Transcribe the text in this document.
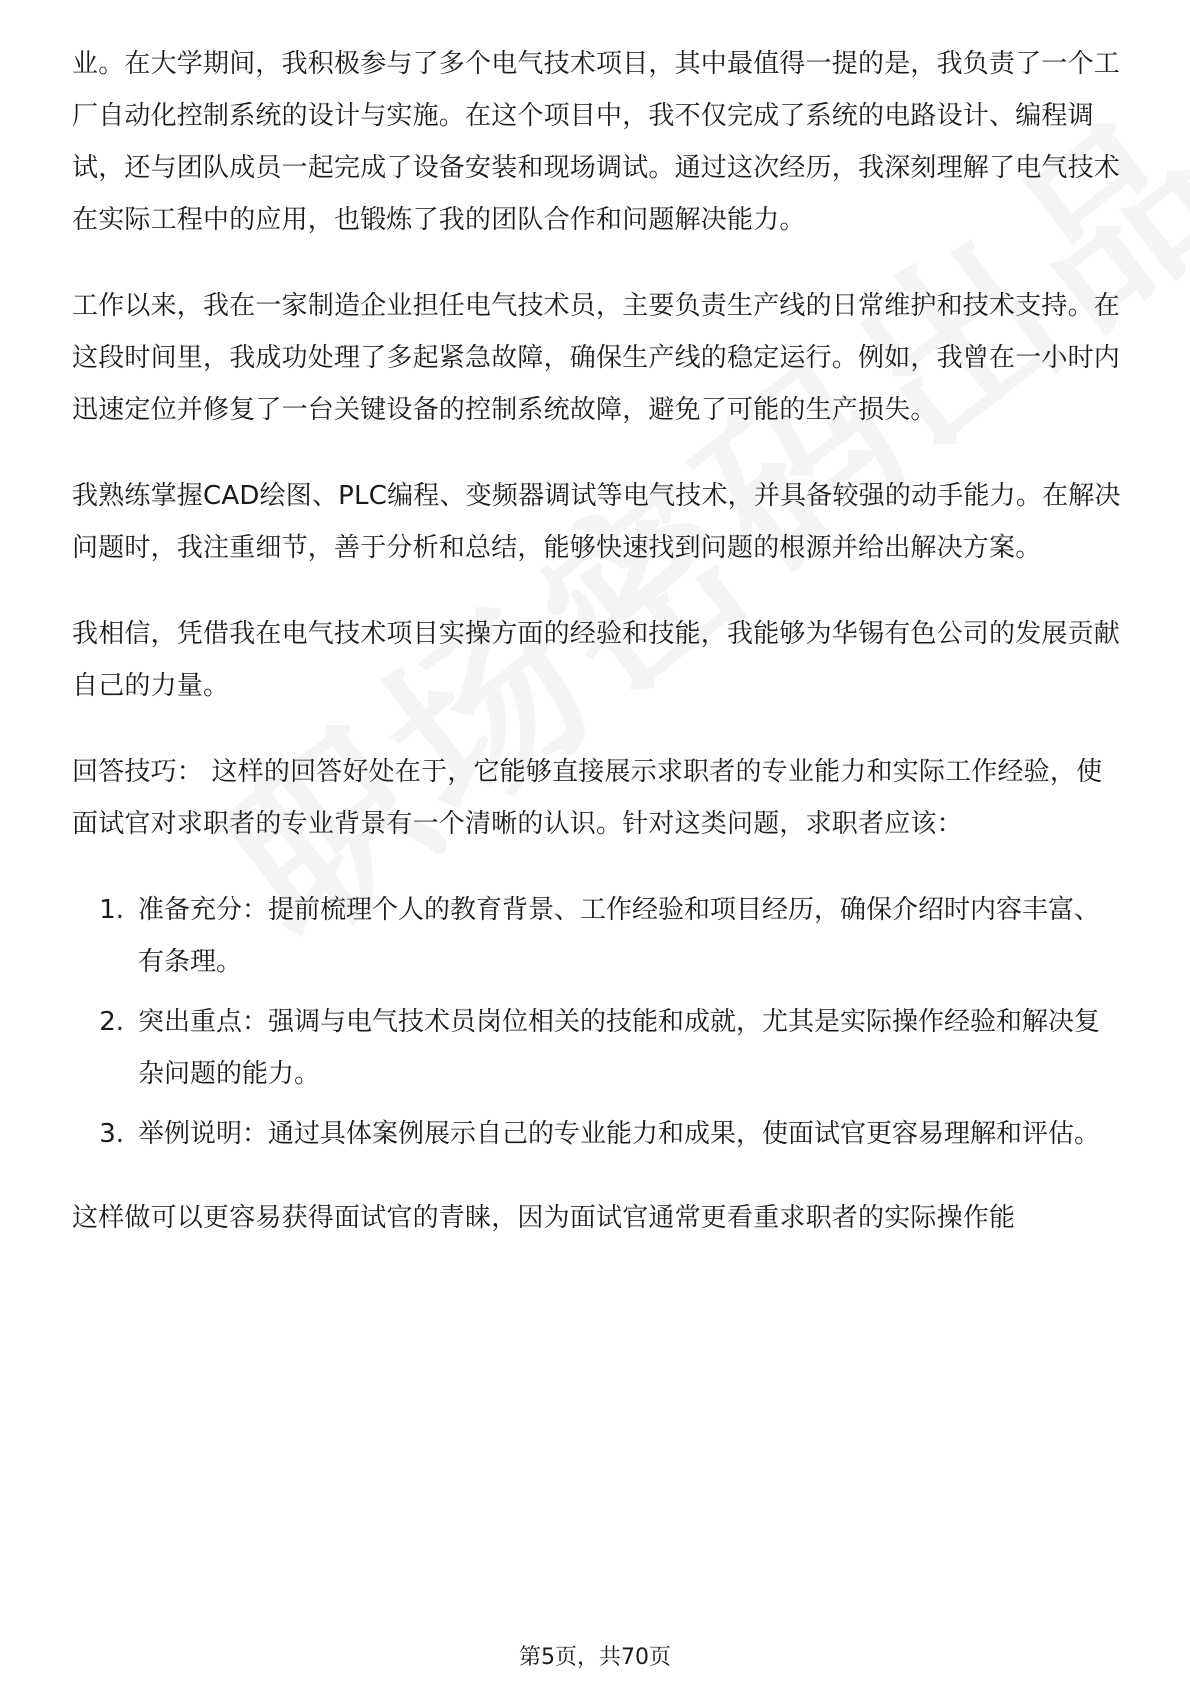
业。在大学期间，我积极参与了多个电气技术项目，其中最值得一提的是，我负责了一个工厂自动化控制系统的设计与实施。在这个项目中，我不仅完成了系统的电路设计、编程调试，还与团队成员一起完成了设备安装和现场调试。通过这次经历，我深刻理解了电气技术在实际工程中的应用，也锻炼了我的团队合作和问题解决能力。

工作以来，我在一家制造企业担任电气技术员，主要负责生产线的日常维护和技术支持。在这段时间里，我成功处理了多起紧急故障，确保生产线的稳定运行。例如，我曾在一小时内迅速定位并修复了一台关键设备的控制系统故障，避免了可能的生产损失。

我熟练掌握CAD绘图、PLC编程、变频器调试等电气技术，并具备较强的动手能力。在解决问题时，我注重细节，善于分析和总结，能够快速找到问题的根源并给出解决方案。

我相信，凭借我在电气技术项目实操方面的经验和技能，我能够为华锡有色公司的发展贡献自己的力量。

回答技巧： 这样的回答好处在于，它能够直接展示求职者的专业能力和实际工作经验，使面试官对求职者的专业背景有一个清晰的认识。针对这类问题，求职者应该：

1. 准备充分：提前梳理个人的教育背景、工作经验和项目经历，确保介绍时内容丰富、有条理。
2. 突出重点：强调与电气技术员岗位相关的技能和成就，尤其是实际操作经验和解决复杂问题的能力。
3. 举例说明：通过具体案例展示自己的专业能力和成果，使面试官更容易理解和评估。

这样做可以更容易获得面试官的青睐，因为面试官通常更看重求职者的实际操作能

第5页，共70页
